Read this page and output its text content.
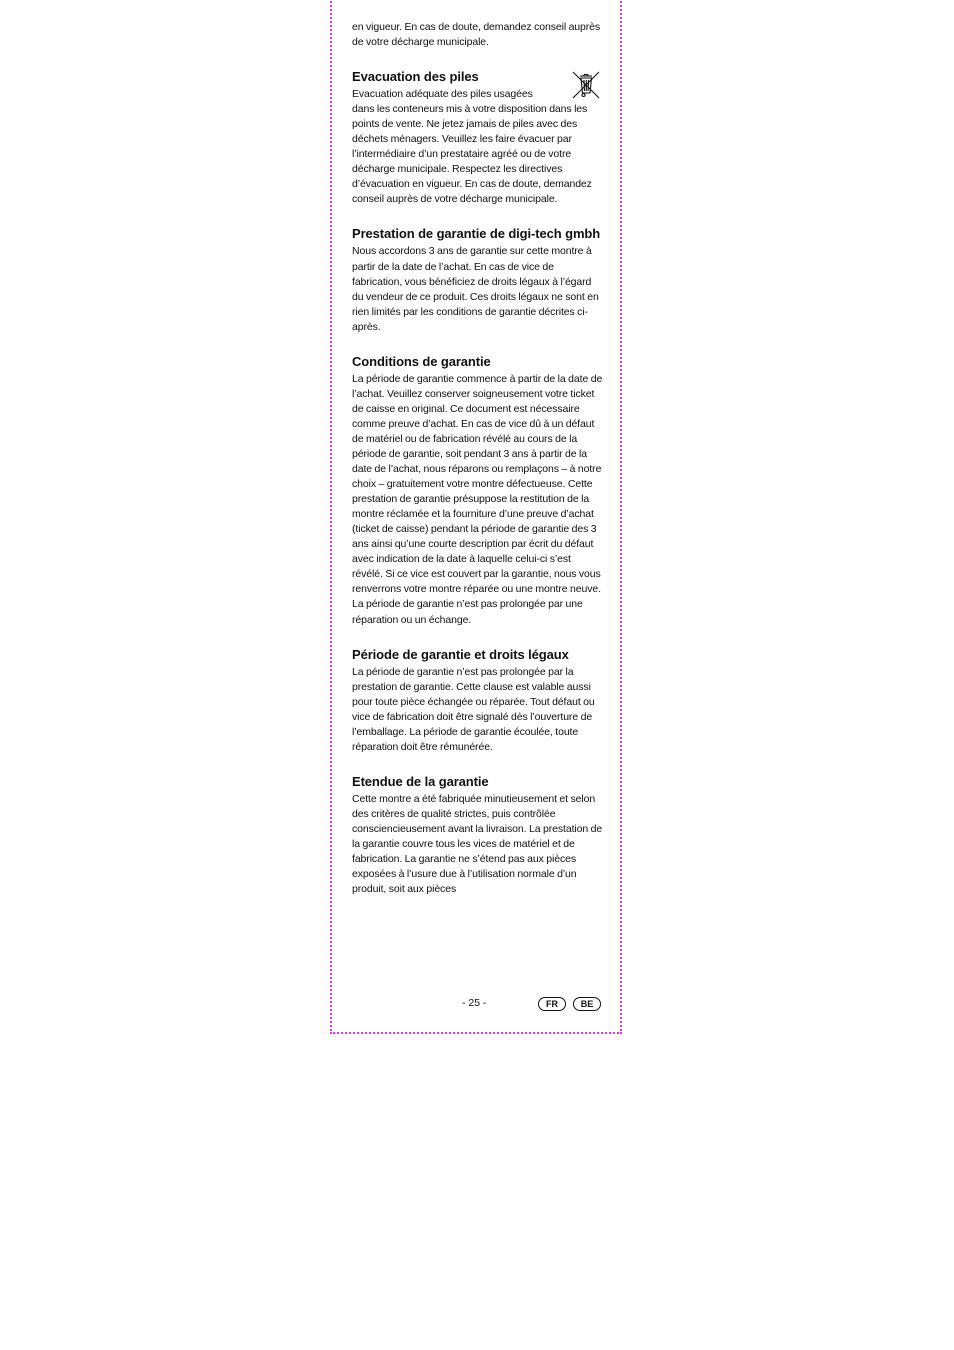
en vigueur. En cas de doute, demandez conseil auprès de votre décharge municipale.

Evacuation des piles

Evacuation adéquate des piles usagées

dans les conteneurs mis à votre disposition dans les points de vente. Ne jetez jamais de piles avec des déchets ménagers. Veuillez les faire évacuer par l’intermédiaire d’un prestataire agréé ou de votre décharge municipale. Respectez les directives d’évacuation en vigueur. En cas de doute, demandez conseil auprès de votre décharge municipale.

Prestation de garantie de digi-tech gmbh

Nous accordons 3 ans de garantie sur cette montre à partir de la date de l’achat. En cas de vice de fabrication, vous bénéficiez de droits légaux à l’égard du vendeur de ce produit. Ces droits légaux ne sont en rien limités par les conditions de garantie décrites ci-après.

Conditions de garantie

La période de garantie commence à partir de la date de l’achat. Veuillez conserver soigneusement votre ticket de caisse en original. Ce document est nécessaire comme preuve d’achat. En cas de vice dû à un défaut de matériel ou de fabrication révélé au cours de la période de garantie, soit pendant 3 ans à partir de la date de l’achat, nous réparons ou remplaçons – à notre choix – gratuitement votre montre défectueuse. Cette prestation de garantie présuppose la restitution de la montre réclamée et la fourniture d’une preuve d’achat (ticket de caisse) pendant la période de garantie des 3 ans ainsi qu’une courte description par écrit du défaut avec indication de la date à laquelle celui-ci s’est révélé. Si ce vice est couvert par la garantie, nous vous renverrons votre montre réparée ou une montre neuve. La période de garantie n’est pas prolongée par une réparation ou un échange.

Période de garantie et droits légaux

La période de garantie n’est pas prolongée par la prestation de garantie. Cette clause est valable aussi pour toute pièce échangée ou réparée. Tout défaut ou vice de fabrication doit être signalé dès l’ouverture de l’emballage. La période de garantie écoulée, toute réparation doit être rémunérée.

Etendue de la garantie

Cette montre a été fabriquée minutieusement et selon des critères de qualité strictes, puis contrôlée consciencieusement avant la livraison. La prestation de la garantie couvre tous les vices de matériel et de fabrication. La garantie ne s’étend pas aux pièces exposées à l’usure due à l’utilisation normale d’un produit, soit aux pièces

- 25 -	FR	BE
